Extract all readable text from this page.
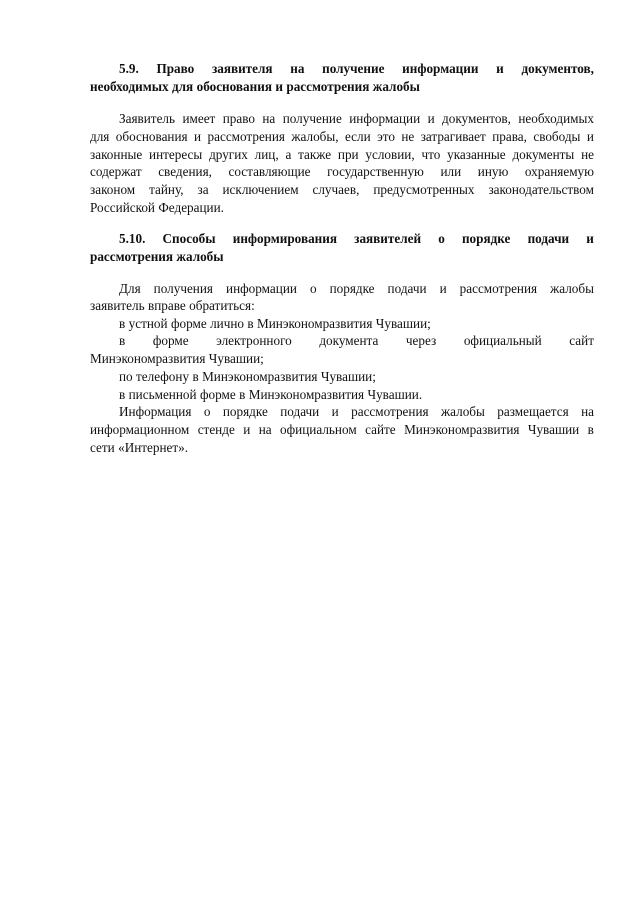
5.9. Право заявителя на получение информации и документов,
необходимых для обоснования и рассмотрения жалобы
Заявитель имеет право на получение информации и документов, необходимых
для обоснования и рассмотрения жалобы, если это не затрагивает права, свободы и
законные интересы других лиц, а также при условии, что указанные документы не
содержат сведения, составляющие государственную или иную охраняемую
законом тайну, за исключением случаев, предусмотренных законодательством
Российской Федерации.
5.10. Способы информирования заявителей о порядке подачи и
рассмотрения жалобы
Для получения информации о порядке подачи и рассмотрения жалобы
заявитель вправе обратиться:
в устной форме лично в Минэкономразвития Чувашии;
в форме электронного документа через официальный сайт
Минэкономразвития Чувашии;
по телефону в Минэкономразвития Чувашии;
в письменной форме в Минэкономразвития Чувашии.
Информация о порядке подачи и рассмотрения жалобы размещается на
информационном стенде и на официальном сайте Минэкономразвития Чувашии в
сети «Интернет».
